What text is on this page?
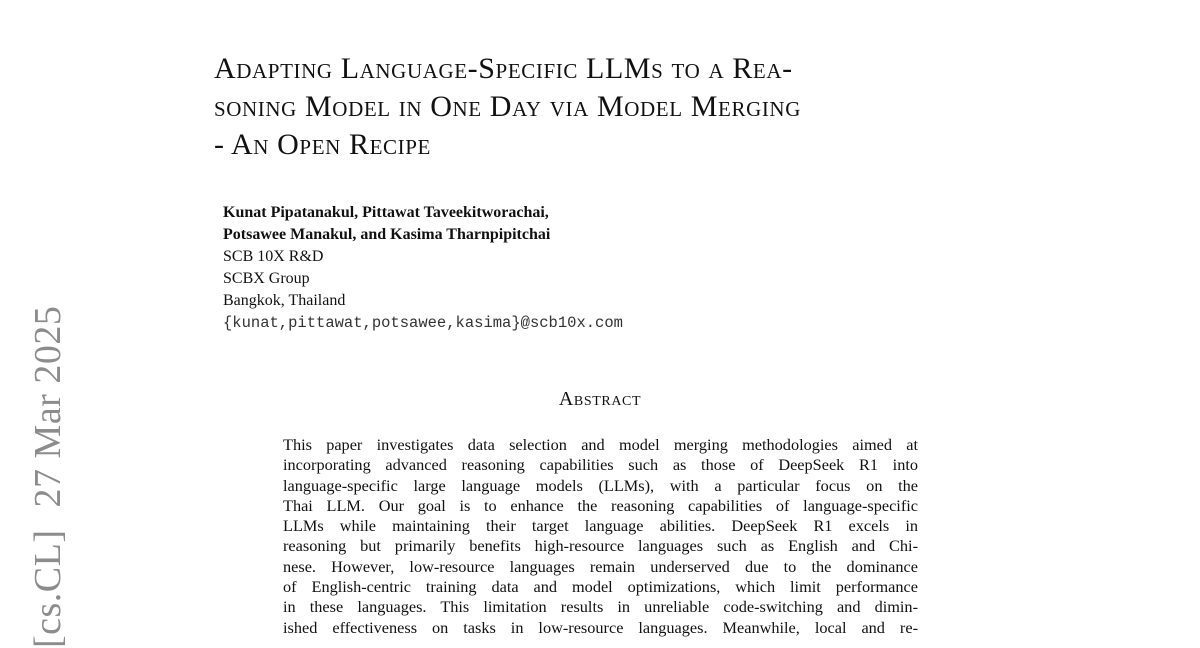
[cs.CL]27 Mar 2025
Adapting Language-Specific LLMs to a Rea-
soning Model in One Day via Model Merging
- An Open Recipe
Kunat Pipatanakul, Pittawat Taveekitworachai,
Potsawee Manakul, and Kasima Tharnpipitchai
SCB 10X R&D
SCBX Group
Bangkok, Thailand
{kunat,pittawat,potsawee,kasima}@scb10x.com
Abstract
This paper investigates data selection and model merging methodologies aimed at
incorporating advanced reasoning capabilities such as those of DeepSeek R1 into
language-specific large language models (LLMs), with a particular focus on the
Thai LLM. Our goal is to enhance the reasoning capabilities of language-specific
LLMs while maintaining their target language abilities. DeepSeek R1 excels in
reasoning but primarily benefits high-resource languages such as English and Chi-
nese. However, low-resource languages remain underserved due to the dominance
of English-centric training data and model optimizations, which limit performance
in these languages. This limitation results in unreliable code-switching and dimin-
ished effectiveness on tasks in low-resource languages. Meanwhile, local and re-
